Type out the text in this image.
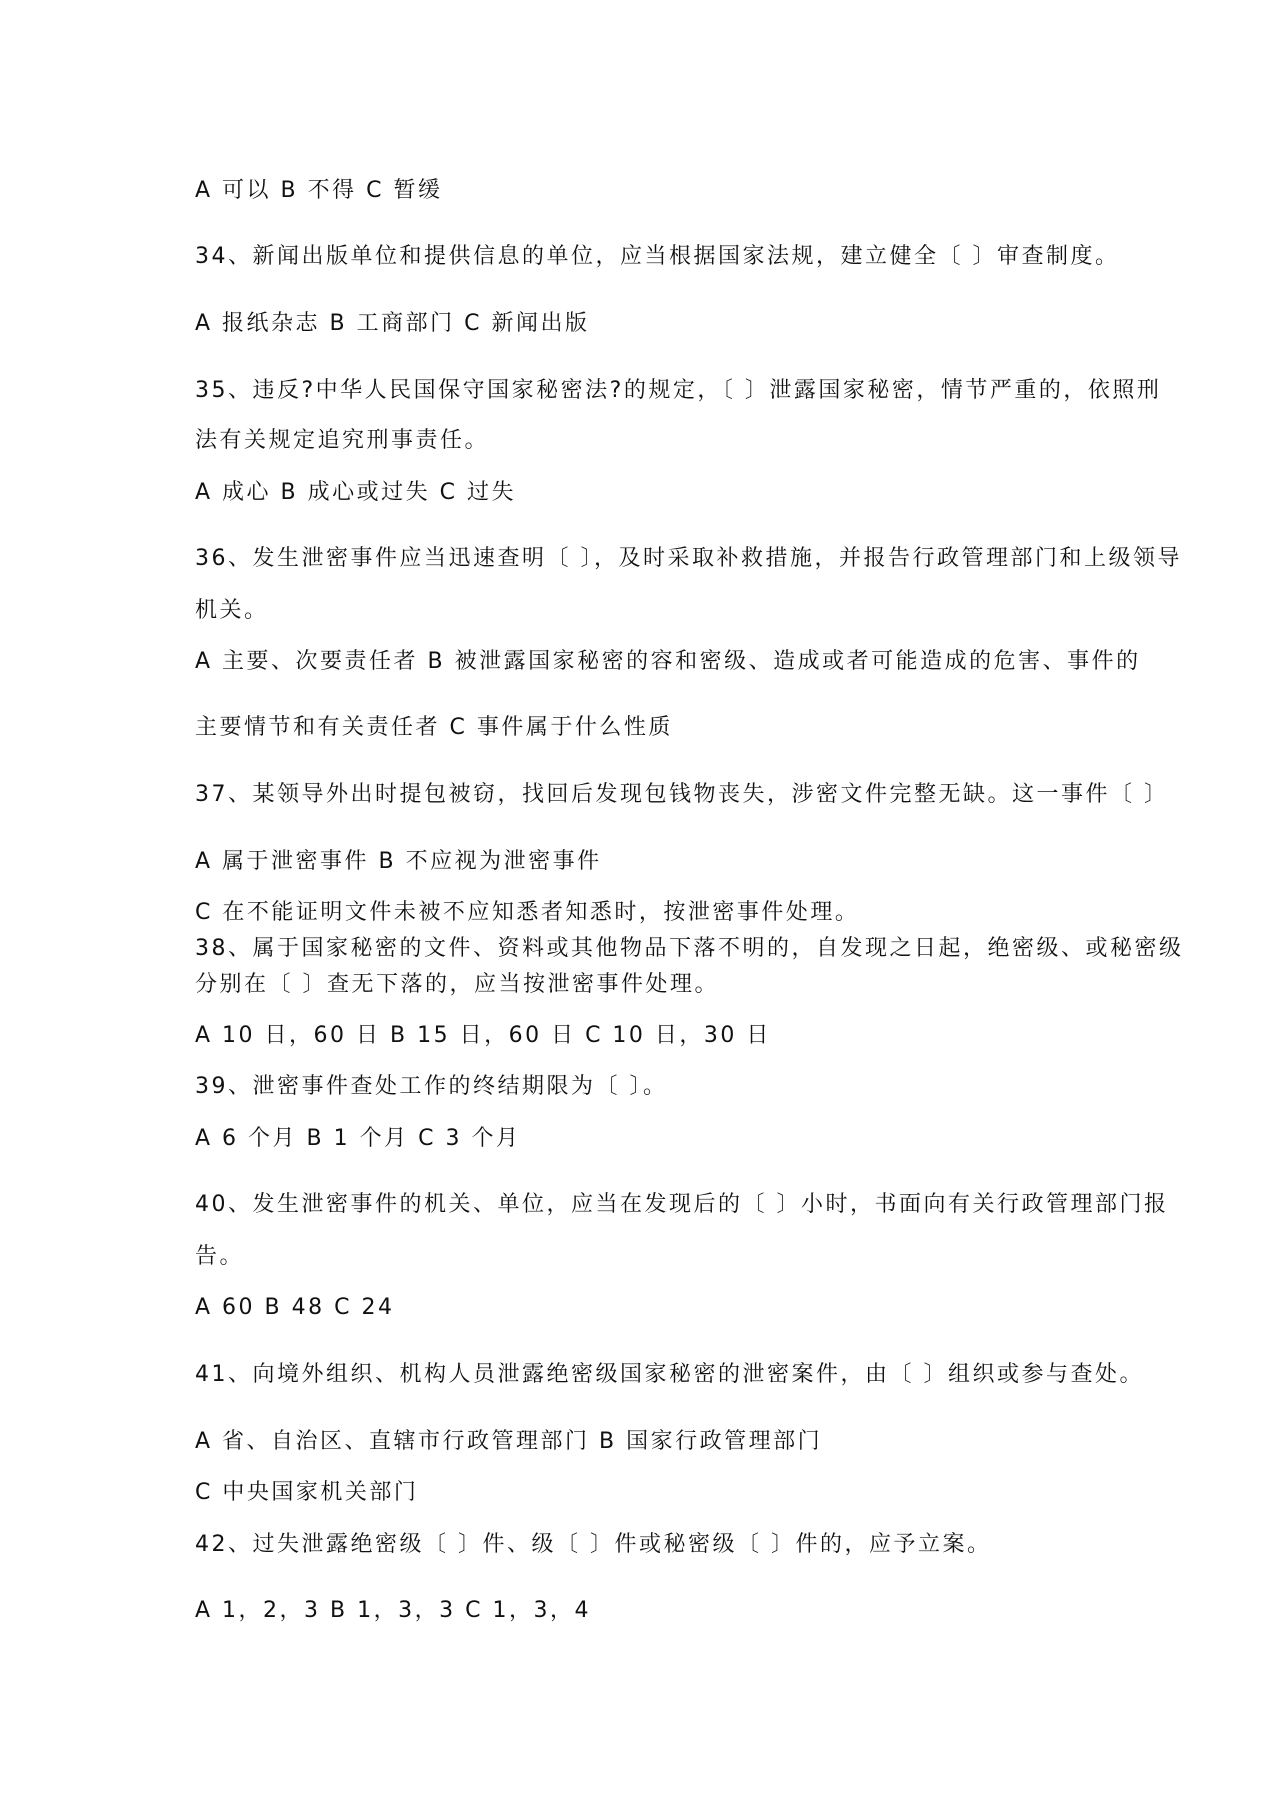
A 可以 B 不得 C 暂缓
34、新闻出版单位和提供信息的单位，应当根据国家法规，建立健全〔 〕审查制度。
A 报纸杂志 B 工商部门 C 新闻出版
35、违反?中华人民国保守国家秘密法?的规定，〔 〕泄露国家秘密，情节严重的，依照刑
法有关规定追究刑事责任。
A 成心 B 成心或过失 C 过失
36、发生泄密事件应当迅速查明〔 〕，及时采取补救措施，并报告行政管理部门和上级领导
机关。
A 主要、次要责任者 B 被泄露国家秘密的容和密级、造成或者可能造成的危害、事件的
主要情节和有关责任者 C 事件属于什么性质
37、某领导外出时提包被窃，找回后发现包钱物丧失，涉密文件完整无缺。这一事件〔 〕
A 属于泄密事件 B 不应视为泄密事件
C 在不能证明文件未被不应知悉者知悉时，按泄密事件处理。
38、属于国家秘密的文件、资料或其他物品下落不明的，自发现之日起，绝密级、或秘密级
分别在〔 〕查无下落的，应当按泄密事件处理。
A 10 日，60 日 B 15 日，60 日 C 10 日，30 日
39、泄密事件查处工作的终结期限为〔 〕。
A 6 个月 B 1 个月 C 3 个月
40、发生泄密事件的机关、单位，应当在发现后的〔 〕小时，书面向有关行政管理部门报
告。
A 60 B 48 C 24
41、向境外组织、机构人员泄露绝密级国家秘密的泄密案件，由〔 〕组织或参与查处。
A 省、自治区、直辖市行政管理部门 B 国家行政管理部门
C 中央国家机关部门
42、过失泄露绝密级〔 〕件、级〔 〕件或秘密级〔 〕件的，应予立案。
A 1，2，3 B 1，3，3 C 1，3，4
